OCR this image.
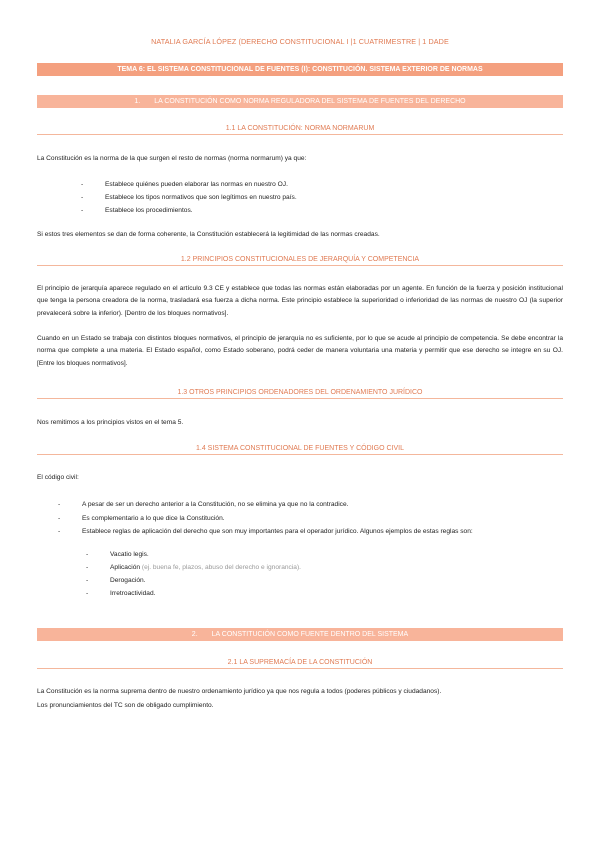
NATALIA GARCÍA LÓPEZ (DERECHO CONSTITUCIONAL I |1 CUATRIMESTRE | 1 DADE
TEMA 6: EL SISTEMA CONSTITUCIONAL DE FUENTES (I): CONSTITUCIÓN. SISTEMA EXTERIOR DE NORMAS
1. LA CONSTITUCIÓN COMO NORMA REGULADORA DEL SISTEMA DE FUENTES DEL DERECHO
1.1 LA CONSTITUCIÓN: NORMA NORMARUM
La Constitución es la norma de la que surgen el resto de normas (norma normarum) ya que:
-	Establece quiénes pueden elaborar las normas en nuestro OJ.
-	Establece los tipos normativos que son legítimos en nuestro país.
-	Establece los procedimientos.
Si estos tres elementos se dan de forma coherente, la Constitución establecerá la legitimidad de las normas creadas.
1.2 PRINCIPIOS CONSTITUCIONALES DE JERARQUÍA Y COMPETENCIA
El principio de jerarquía aparece regulado en el artículo 9.3 CE y establece que todas las normas están elaboradas por un agente. En función de la fuerza y posición institucional que tenga la persona creadora de la norma, trasladará esa fuerza a dicha norma. Este principio establece la superioridad o inferioridad de las normas de nuestro OJ (la superior prevalecerá sobre la inferior). [Dentro de los bloques normativos].
Cuando en un Estado se trabaja con distintos bloques normativos, el principio de jerarquía no es suficiente, por lo que se acude al principio de competencia. Se debe encontrar la norma que complete a una materia. El Estado español, como Estado soberano, podrá ceder de manera voluntaria una materia y permitir que ese derecho se integre en su OJ. [Entre los bloques normativos].
1.3 OTROS PRINCIPIOS ORDENADORES DEL ORDENAMIENTO JURÍDICO
Nos remitimos a los principios vistos en el tema 5.
1.4 SISTEMA CONSTITUCIONAL DE FUENTES Y CÓDIGO CIVIL
El código civil:
-	A pesar de ser un derecho anterior a la Constitución, no se elimina ya que no la contradice.
-	Es complementario a lo que dice la Constitución.
-	Establece reglas de aplicación del derecho que son muy importantes para el operador jurídico. Algunos ejemplos de estas reglas son:
-	Vacatio legis.
-	Aplicación (ej. buena fe, plazos, abuso del derecho e ignorancia).
-	Derogación.
-	Irretroactividad.
2. LA CONSTITUCIÓN COMO FUENTE DENTRO DEL SISTEMA
2.1 LA SUPREMACÍA DE LA CONSTITUCIÓN
La Constitución es la norma suprema dentro de nuestro ordenamiento jurídico ya que nos regula a todos (poderes públicos y ciudadanos).
Los pronunciamientos del TC son de obligado cumplimiento.
